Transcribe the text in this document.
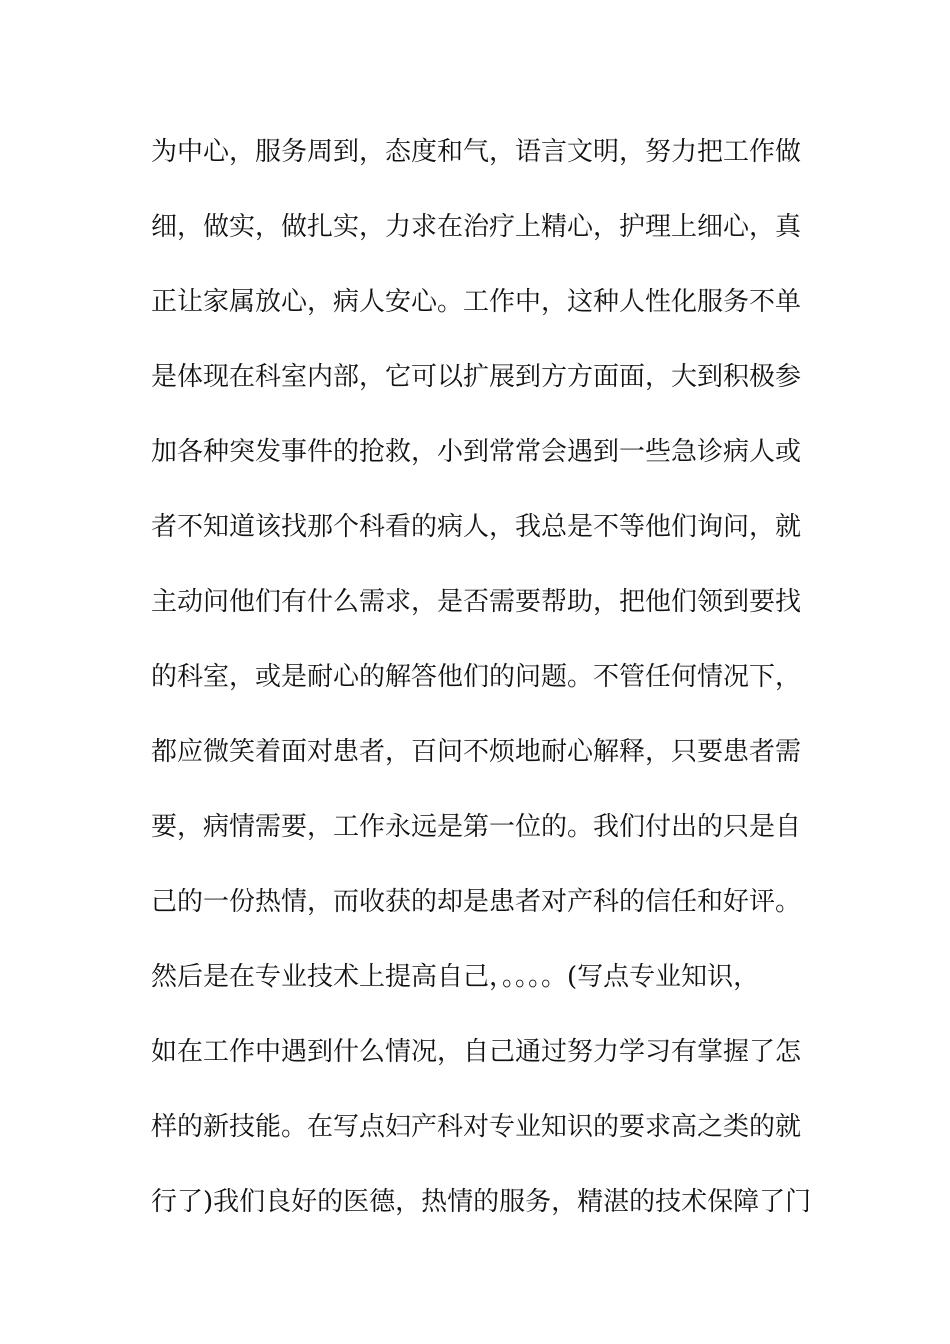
为中心，服务周到，态度和气，语言文明，努力把工作做
细，做实，做扎实，力求在治疗上精心，护理上细心，真
正让家属放心，病人安心。工作中，这种人性化服务不单
是体现在科室内部，它可以扩展到方方面面，大到积极参
加各种突发事件的抢救，小到常常会遇到一些急诊病人或
者不知道该找那个科看的病人，我总是不等他们询问，就
主动问他们有什么需求，是否需要帮助，把他们领到要找
的科室，或是耐心的解答他们的问题。不管任何情况下，
都应微笑着面对患者，百问不烦地耐心解释，只要患者需
要，病情需要，工作永远是第一位的。我们付出的只是自
己的一份热情，而收获的却是患者对产科的信任和好评。
然后是在专业技术上提高自己，。。。。(写点专业知识，
如在工作中遇到什么情况，自己通过努力学习有掌握了怎
样的新技能。在写点妇产科对专业知识的要求高之类的就
行了)我们良好的医德，热情的服务，精湛的技术保障了门
